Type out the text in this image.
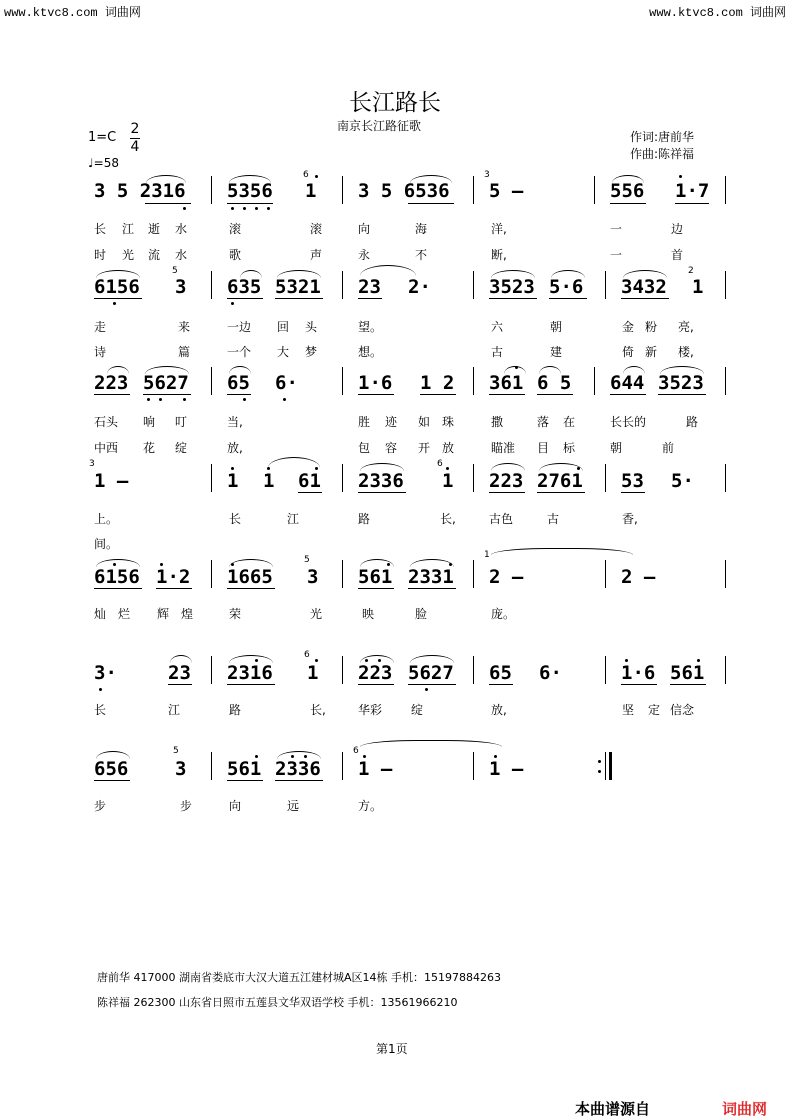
www.ktvc8.com 词曲网	www.ktvc8.com 词曲网
长江路长
南京长江路征歌
1=C
2
4
♩=58
作词:唐前华
作曲:陈祥福
3 5 2316 5356
6
1 3 5 6536
3
5 –	556 1·7
长 江 逝 水	滚	滚	向	海	洋,	一	边
时 光 流 水	歌	声	永	不	断,	一	首
6156
5
3 635 5321 23 2·	3523 5·6 3432
2
1
走	来	一边 回 头	望。	六	朝	金 粉 亮,
诗	篇	一个 大 梦	想。	古	建	倚 新 楼,
223 5627 65 6·	1·6 1 2 361 6 5 644 3523
石头 响 叮	当,	胜 迹 如 珠	撒	落 在	长长的	路
中西 花 绽	放,	包 容 开 放	瞄准 目 标	朝	前
3
1 –	1 1 61 2336
6
1 223 2761 53 5·
上。	长	江	路	长,	古色	古	香,
间。
6156 1·2 1665
5
3 561 2331
1
2 –	2 –
灿 烂 辉 煌	荣	光	映	脸	庞。
3·	23 2316
6
1 223 5627 65 6·	1·6 561
长	江	路	长,	华彩 绽	放,	坚 定 信念
656
5
3 561 2336
6
1 –	1 –
步	步	向	远	方。
唐前华 417000 湖南省娄底市大汉大道五江建材城A区14栋 手机：15197884263
陈祥福 262300 山东省日照市五莲县文华双语学校 手机：13561966210
第1页
本曲谱源自	词曲网
